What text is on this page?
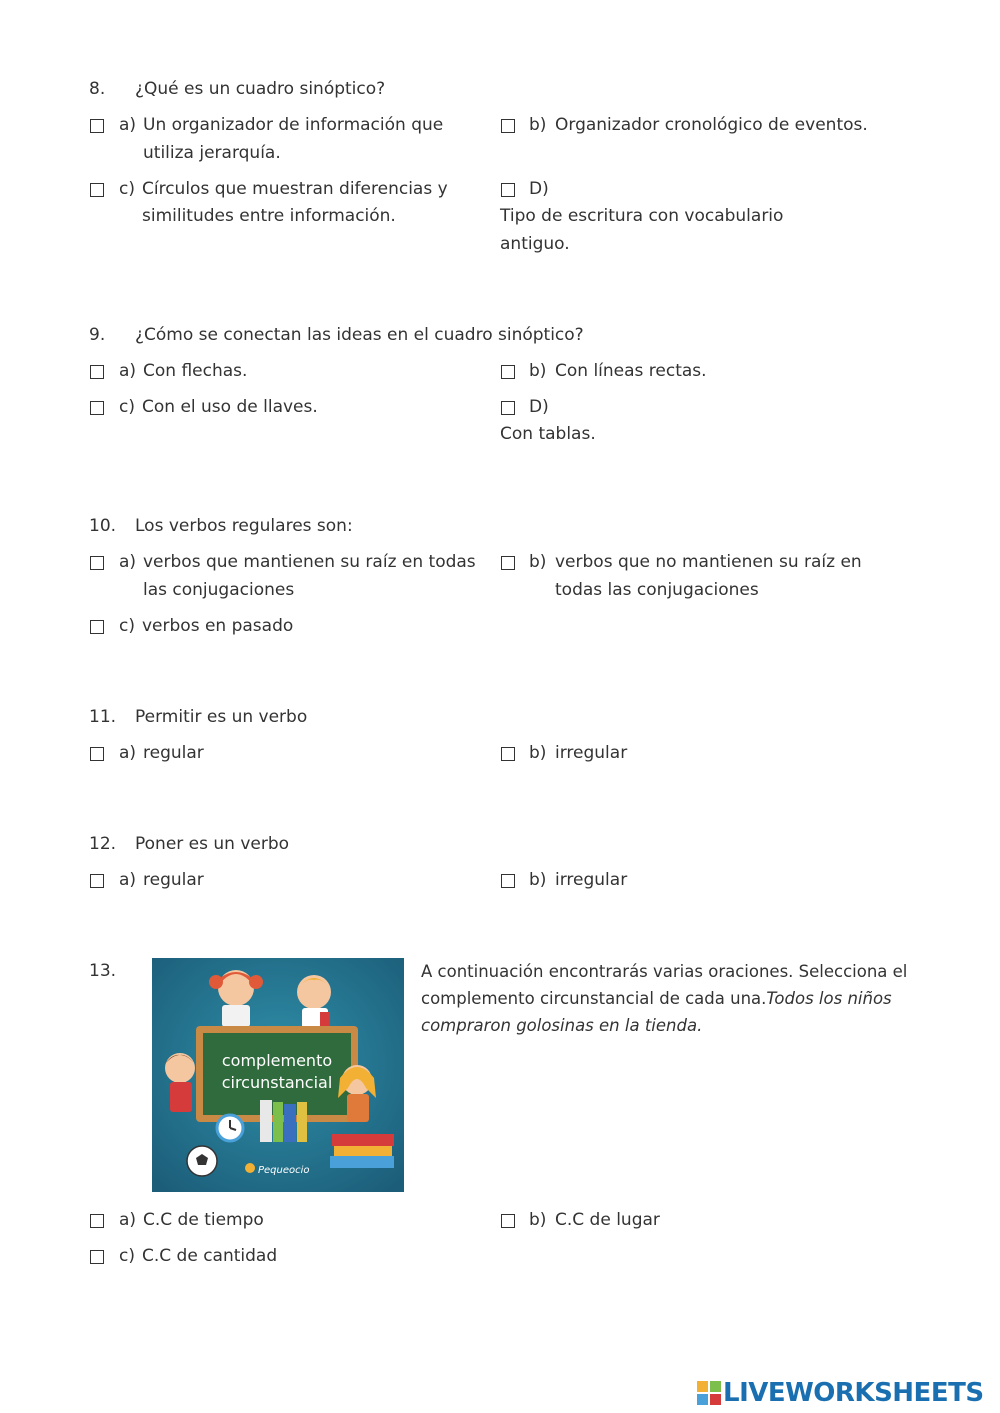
8. ¿Qué es un cuadro sinóptico?
a) Un organizador de información que
utiliza jerarquía.
b) Organizador cronológico de eventos.
c) Círculos que muestran diferencias y
similitudes entre información.
D)
Tipo de escritura con vocabulario
antiguo.
9. ¿Cómo se conectan las ideas en el cuadro sinóptico?
a) Con flechas.	b) Con líneas rectas.
c) Con el uso de llaves.	D)
Con tablas.
10. Los verbos regulares son:
a) verbos que mantienen su raíz en todas
las conjugaciones
b) verbos que no mantienen su raíz en
todas las conjugaciones
c) verbos en pasado
11. Permitir es un verbo
a) regular	b) irregular
12. Poner es un verbo
a) regular	b) irregular
13.
complemento
circunstancial
Pequeocio
A continuación encontrarás varias oraciones. Selecciona el complemento circunstancial de cada una.Todos los niños compraron golosinas en la tienda.
a) C.C de tiempo	b) C.C de lugar
c) C.C de cantidad
LIVEWORKSHEETS
